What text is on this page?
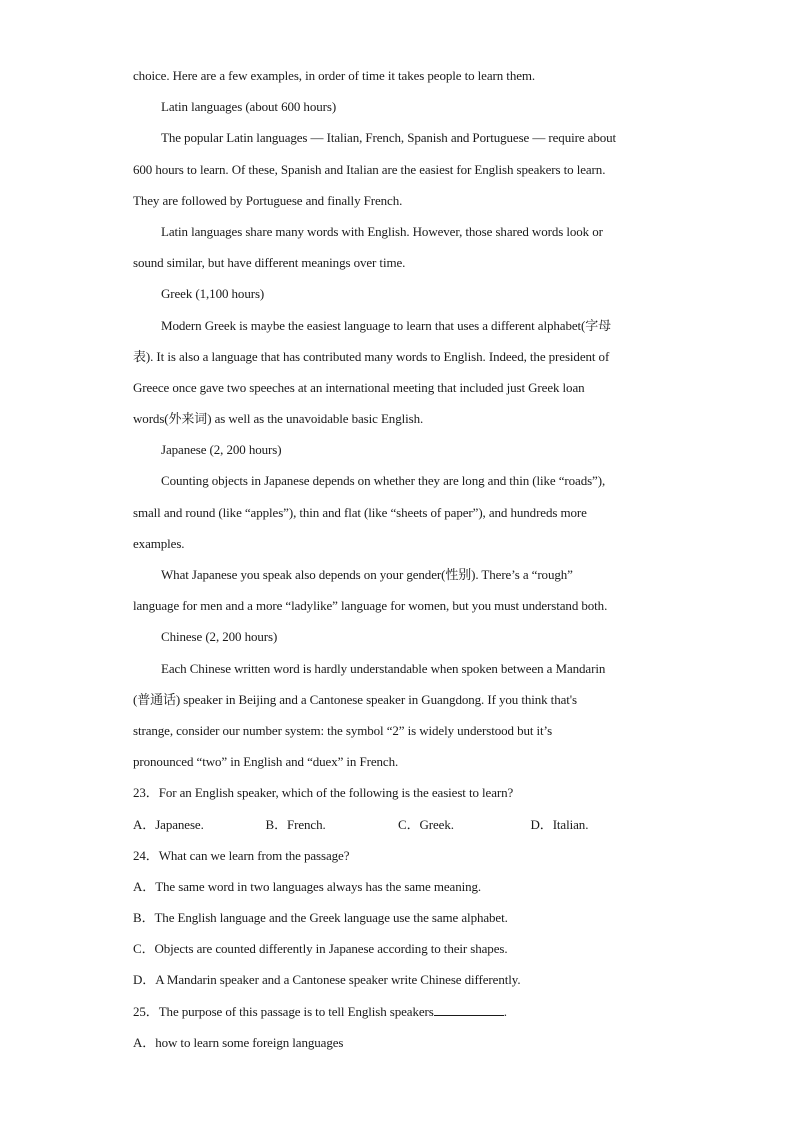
choice. Here are a few examples, in order of time it takes people to learn them.
Latin languages (about 600 hours)
The popular Latin languages — Italian, French, Spanish and Portuguese — require about
600 hours to learn. Of these, Spanish and Italian are the easiest for English speakers to learn.
They are followed by Portuguese and finally French.
Latin languages share many words with English. However, those shared words look or
sound similar, but have different meanings over time.
Greek (1,100 hours)
Modern Greek is maybe the easiest language to learn that uses a different alphabet(字母
表). It is also a language that has contributed many words to English. Indeed, the president of
Greece once gave two speeches at an international meeting that included just Greek loan
words(外来词) as well as the unavoidable basic English.
Japanese (2, 200 hours)
Counting objects in Japanese depends on whether they are long and thin (like “roads”),
small and round (like “apples”), thin and flat (like “sheets of paper”), and hundreds more
examples.
What Japanese you speak also depends on your gender(性别). There’s a “rough”
language for men and a more “ladylike” language for women, but you must understand both.
Chinese (2, 200 hours)
Each Chinese written word is hardly understandable when spoken between a Mandarin
(普通话) speaker in Beijing and a Cantonese speaker in Guangdong. If you think that's
strange, consider our number system: the symbol “2” is widely understood but it’s
pronounced “two” in English and “duex” in French.
23．For an English speaker, which of the following is the easiest to learn?
A．Japanese.	B．French.	C．Greek.	D．Italian.
24．What can we learn from the passage?
A．The same word in two languages always has the same meaning.
B．The English language and the Greek language use the same alphabet.
C．Objects are counted differently in Japanese according to their shapes.
D．A Mandarin speaker and a Cantonese speaker write Chinese differently.
25．The purpose of this passage is to tell English speakers	.
A．how to learn some foreign languages
